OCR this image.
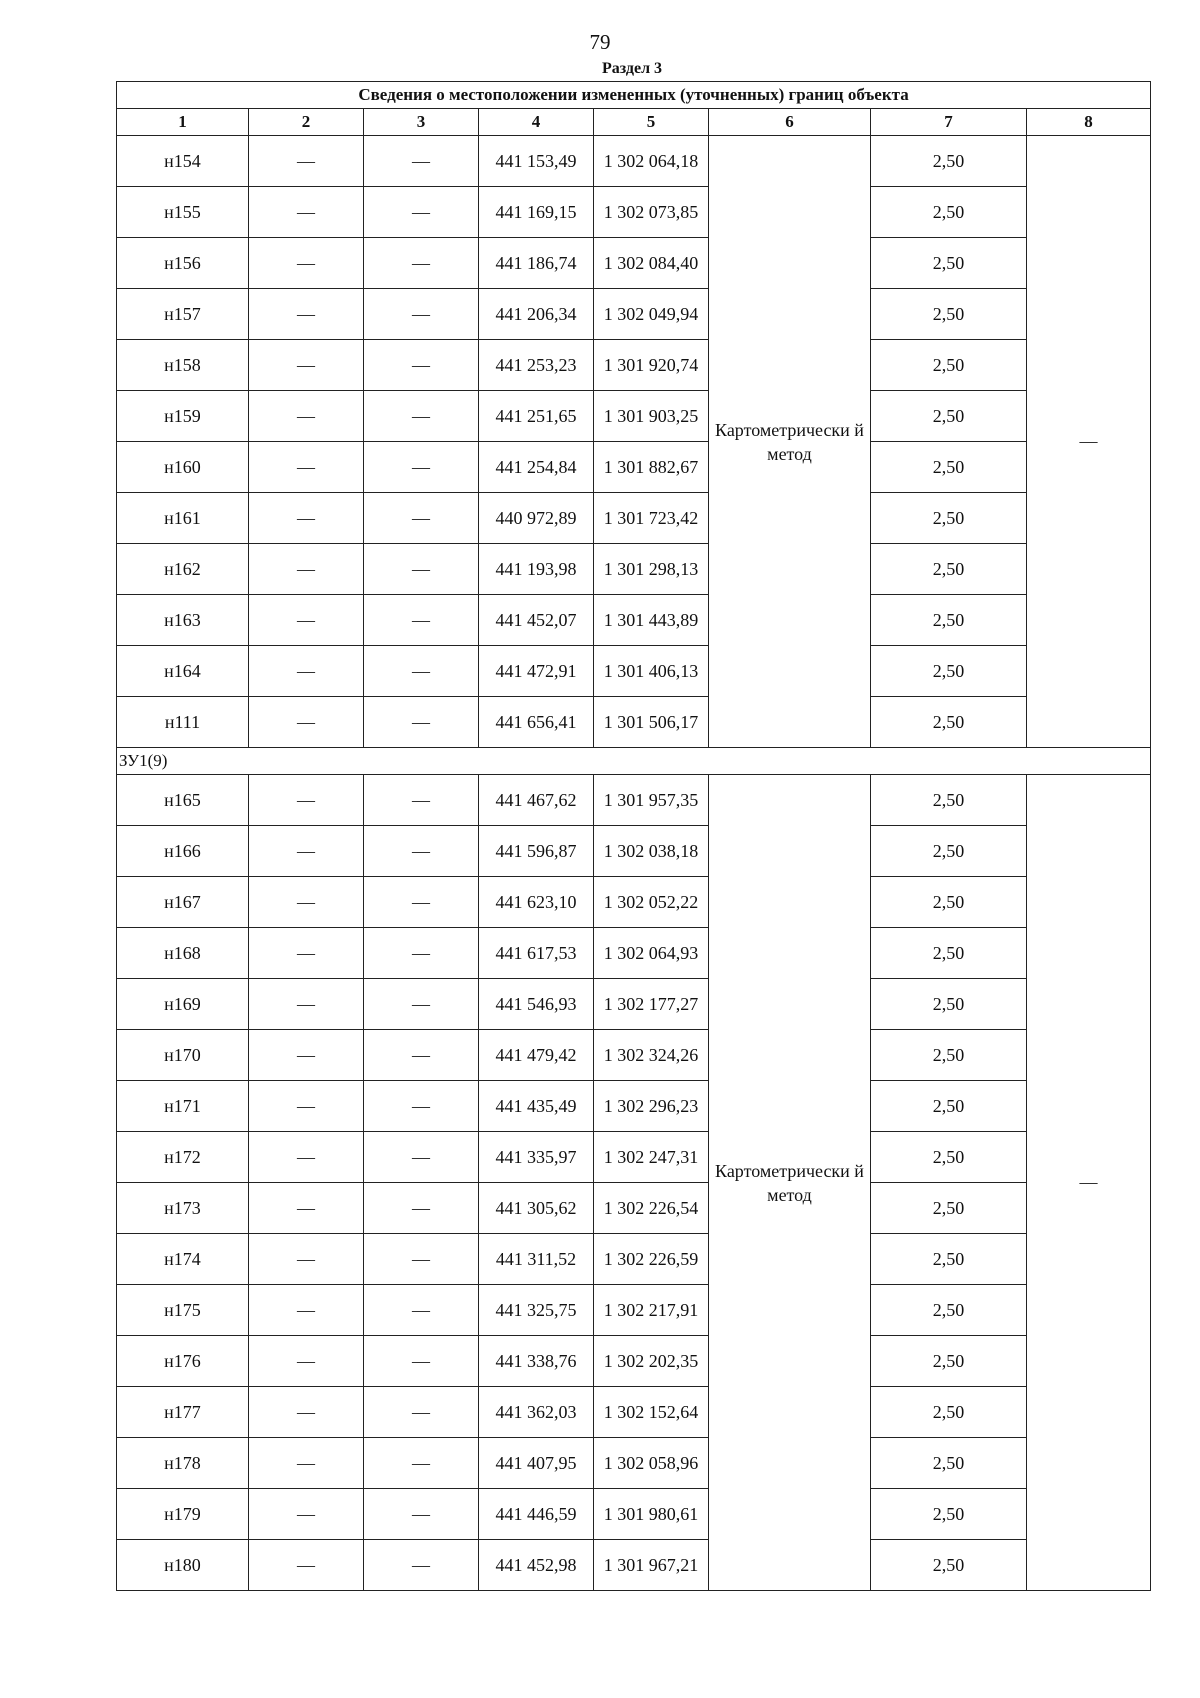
79
Раздел 3
Сведения о местоположении измененных (уточненных) границ объекта							
1	2	3	4	5	6	7	8
н154	—	—	441 153,49	1 302 064,18	Картометрически й метод	2,50	—
н155	—	—	441 169,15	1 302 073,85		2,50	
н156	—	—	441 186,74	1 302 084,40		2,50	
н157	—	—	441 206,34	1 302 049,94		2,50	
н158	—	—	441 253,23	1 301 920,74		2,50	
н159	—	—	441 251,65	1 301 903,25		2,50	
н160	—	—	441 254,84	1 301 882,67		2,50	
н161	—	—	440 972,89	1 301 723,42		2,50	
н162	—	—	441 193,98	1 301 298,13		2,50	
н163	—	—	441 452,07	1 301 443,89		2,50	
н164	—	—	441 472,91	1 301 406,13		2,50	
н111	—	—	441 656,41	1 301 506,17		2,50	
ЗУ1(9)							
н165	—	—	441 467,62	1 301 957,35	Картометрически й метод	2,50	—
н166	—	—	441 596,87	1 302 038,18		2,50	
н167	—	—	441 623,10	1 302 052,22		2,50	
н168	—	—	441 617,53	1 302 064,93		2,50	
н169	—	—	441 546,93	1 302 177,27		2,50	
н170	—	—	441 479,42	1 302 324,26		2,50	
н171	—	—	441 435,49	1 302 296,23		2,50	
н172	—	—	441 335,97	1 302 247,31		2,50	
н173	—	—	441 305,62	1 302 226,54		2,50	
н174	—	—	441 311,52	1 302 226,59		2,50	
н175	—	—	441 325,75	1 302 217,91		2,50	
н176	—	—	441 338,76	1 302 202,35		2,50	
н177	—	—	441 362,03	1 302 152,64		2,50	
н178	—	—	441 407,95	1 302 058,96		2,50	
н179	—	—	441 446,59	1 301 980,61		2,50	
н180	—	—	441 452,98	1 301 967,21		2,50	
